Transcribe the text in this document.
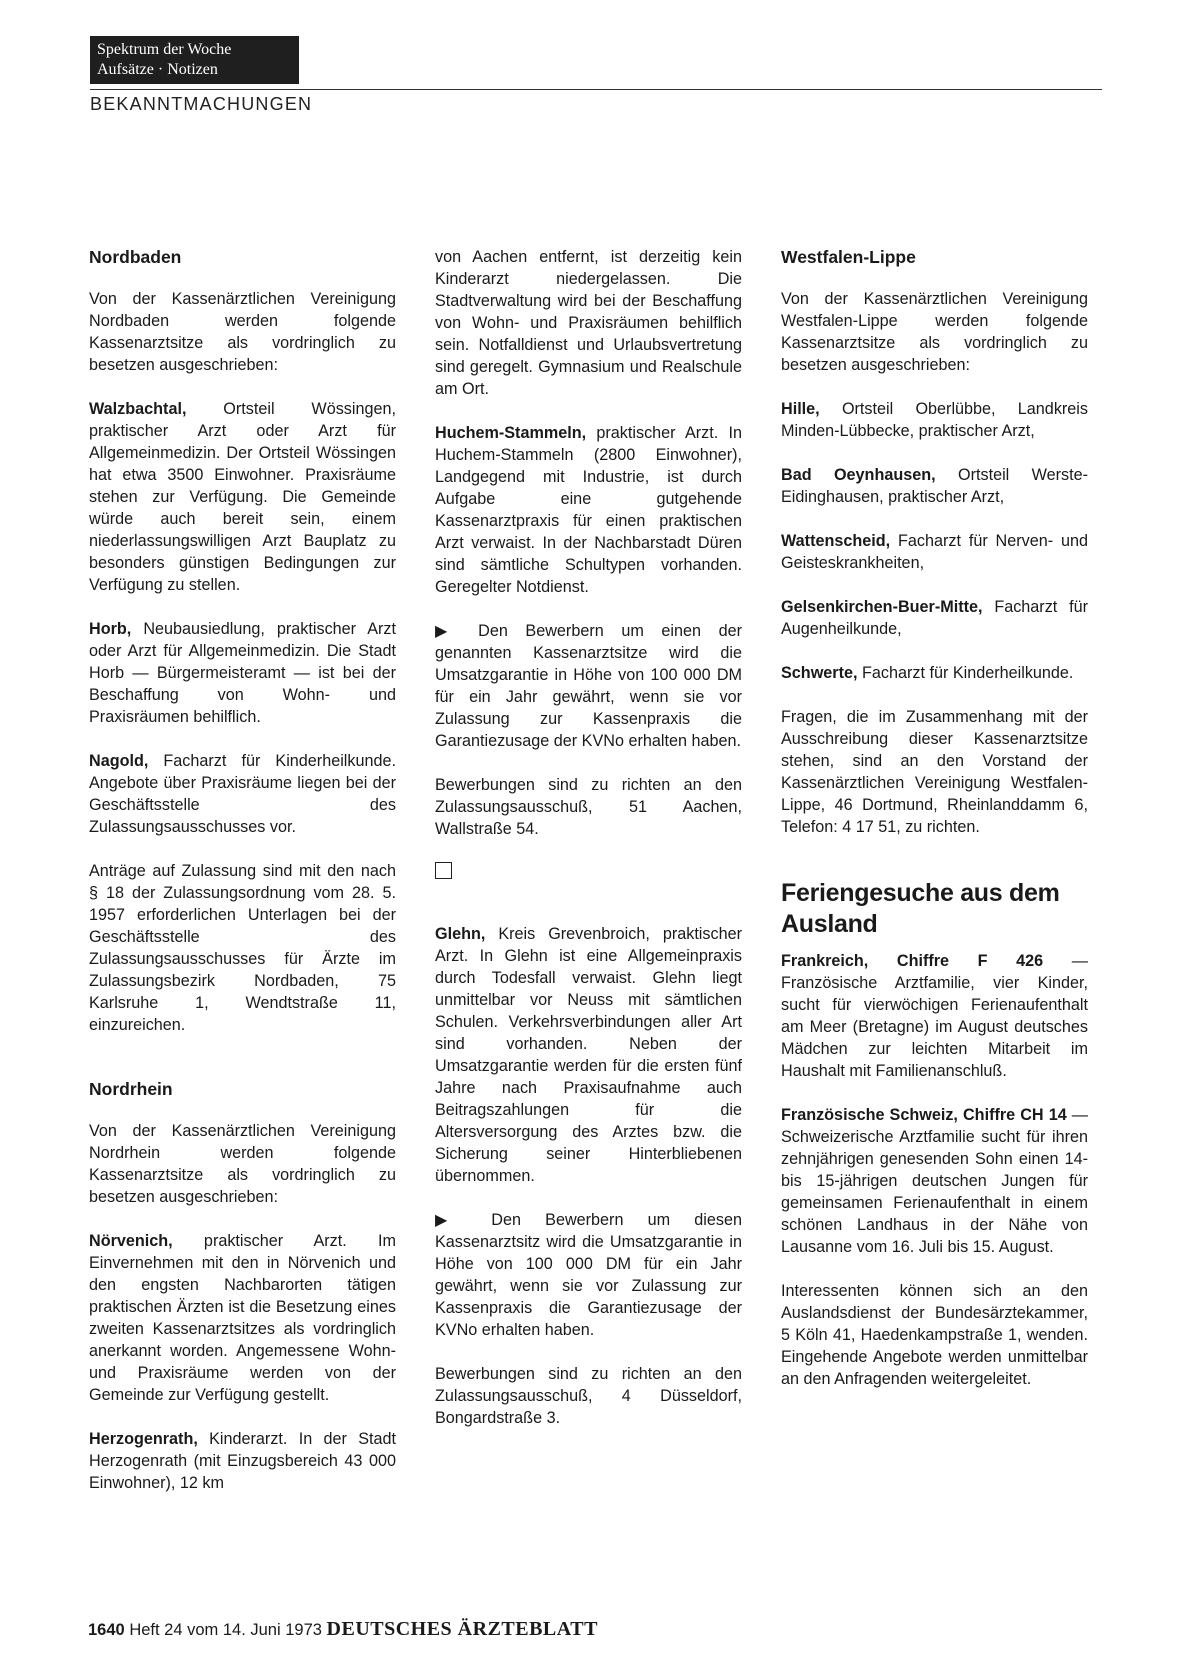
Spektrum der Woche
Aufsätze · Notizen
BEKANNTMACHUNGEN
Nordbaden

Von der Kassenärztlichen Vereinigung Nordbaden werden folgende Kassenarztsitze als vordringlich zu besetzen ausgeschrieben:

Walzbachtal, Ortsteil Wössingen, praktischer Arzt oder Arzt für Allgemeinmedizin. Der Ortsteil Wössingen hat etwa 3500 Einwohner. Praxisräume stehen zur Verfügung. Die Gemeinde würde auch bereit sein, einem niederlassungswilligen Arzt Bauplatz zu besonders günstigen Bedingungen zur Verfügung zu stellen.

Horb, Neubausiedlung, praktischer Arzt oder Arzt für Allgemeinmedizin. Die Stadt Horb — Bürgermeisteramt — ist bei der Beschaffung von Wohn- und Praxisräumen behilflich.

Nagold, Facharzt für Kinderheilkunde. Angebote über Praxisräume liegen bei der Geschäftsstelle des Zulassungsausschusses vor.

Anträge auf Zulassung sind mit den nach § 18 der Zulassungsordnung vom 28. 5. 1957 erforderlichen Unterlagen bei der Geschäftsstelle des Zulassungsausschusses für Ärzte im Zulassungsbezirk Nordbaden, 75 Karlsruhe 1, Wendtstraße 11, einzureichen.

Nordrhein

Von der Kassenärztlichen Vereinigung Nordrhein werden folgende Kassenarztsitze als vordringlich zu besetzen ausgeschrieben:

Nörvenich, praktischer Arzt. Im Einvernehmen mit den in Nörvenich und den engsten Nachbarorten tätigen praktischen Ärzten ist die Besetzung eines zweiten Kassenarztsitzes als vordringlich anerkannt worden. Angemessene Wohn- und Praxisräume werden von der Gemeinde zur Verfügung gestellt.

Herzogenrath, Kinderarzt. In der Stadt Herzogenrath (mit Einzugsbereich 43 000 Einwohner), 12 km

von Aachen entfernt, ist derzeitig kein Kinderarzt niedergelassen. Die Stadtverwaltung wird bei der Beschaffung von Wohn- und Praxisräumen behilflich sein. Notfalldienst und Urlaubsvertretung sind geregelt. Gymnasium und Realschule am Ort.

Huchem-Stammeln, praktischer Arzt. In Huchem-Stammeln (2800 Einwohner), Landgegend mit Industrie, ist durch Aufgabe eine gutgehende Kassenarztpraxis für einen praktischen Arzt verwaist. In der Nachbarstadt Düren sind sämtliche Schultypen vorhanden. Geregelter Notdienst.

▶ Den Bewerbern um einen der genannten Kassenarztsitze wird die Umsatzgarantie in Höhe von 100 000 DM für ein Jahr gewährt, wenn sie vor Zulassung zur Kassenpraxis die Garantiezusage der KVNo erhalten haben.

Bewerbungen sind zu richten an den Zulassungsausschuß, 51 Aachen, Wallstraße 54.

Glehn, Kreis Grevenbroich, praktischer Arzt. In Glehn ist eine Allgemeinpraxis durch Todesfall verwaist. Glehn liegt unmittelbar vor Neuss mit sämtlichen Schulen. Verkehrsverbindungen aller Art sind vorhanden. Neben der Umsatzgarantie werden für die ersten fünf Jahre nach Praxisaufnahme auch Beitragszahlungen für die Altersversorgung des Arztes bzw. die Sicherung seiner Hinterbliebenen übernommen.

▶ Den Bewerbern um diesen Kassenarztsitz wird die Umsatzgarantie in Höhe von 100 000 DM für ein Jahr gewährt, wenn sie vor Zulassung zur Kassenpraxis die Garantiezusage der KVNo erhalten haben.

Bewerbungen sind zu richten an den Zulassungsausschuß, 4 Düsseldorf, Bongardstraße 3.

Westfalen-Lippe

Von der Kassenärztlichen Vereinigung Westfalen-Lippe werden folgende Kassenarztsitze als vordringlich zu besetzen ausgeschrieben:

Hille, Ortsteil Oberlübbe, Landkreis Minden-Lübbecke, praktischer Arzt,

Bad Oeynhausen, Ortsteil Werste-Eidinghausen, praktischer Arzt,

Wattenscheid, Facharzt für Nerven- und Geisteskrankheiten,

Gelsenkirchen-Buer-Mitte, Facharzt für Augenheilkunde,

Schwerte, Facharzt für Kinderheilkunde.

Fragen, die im Zusammenhang mit der Ausschreibung dieser Kassenarztsitze stehen, sind an den Vorstand der Kassenärztlichen Vereinigung Westfalen-Lippe, 46 Dortmund, Rheinlanddamm 6, Telefon: 4 17 51, zu richten.

Feriengesuche aus dem Ausland

Frankreich, Chiffre F 426 — Französische Arztfamilie, vier Kinder, sucht für vierwöchigen Ferienaufenthalt am Meer (Bretagne) im August deutsches Mädchen zur leichten Mitarbeit im Haushalt mit Familienanschluß.

Französische Schweiz, Chiffre CH 14 — Schweizerische Arztfamilie sucht für ihren zehnjährigen genesenden Sohn einen 14- bis 15-jährigen deutschen Jungen für gemeinsamen Ferienaufenthalt in einem schönen Landhaus in der Nähe von Lausanne vom 16. Juli bis 15. August.

Interessenten können sich an den Auslandsdienst der Bundesärztekammer, 5 Köln 41, Haedenkampstraße 1, wenden. Eingehende Angebote werden unmittelbar an den Anfragenden weitergeleitet.

1640 Heft 24 vom 14. Juni 1973 DEUTSCHES ÄRZTEBLATT
